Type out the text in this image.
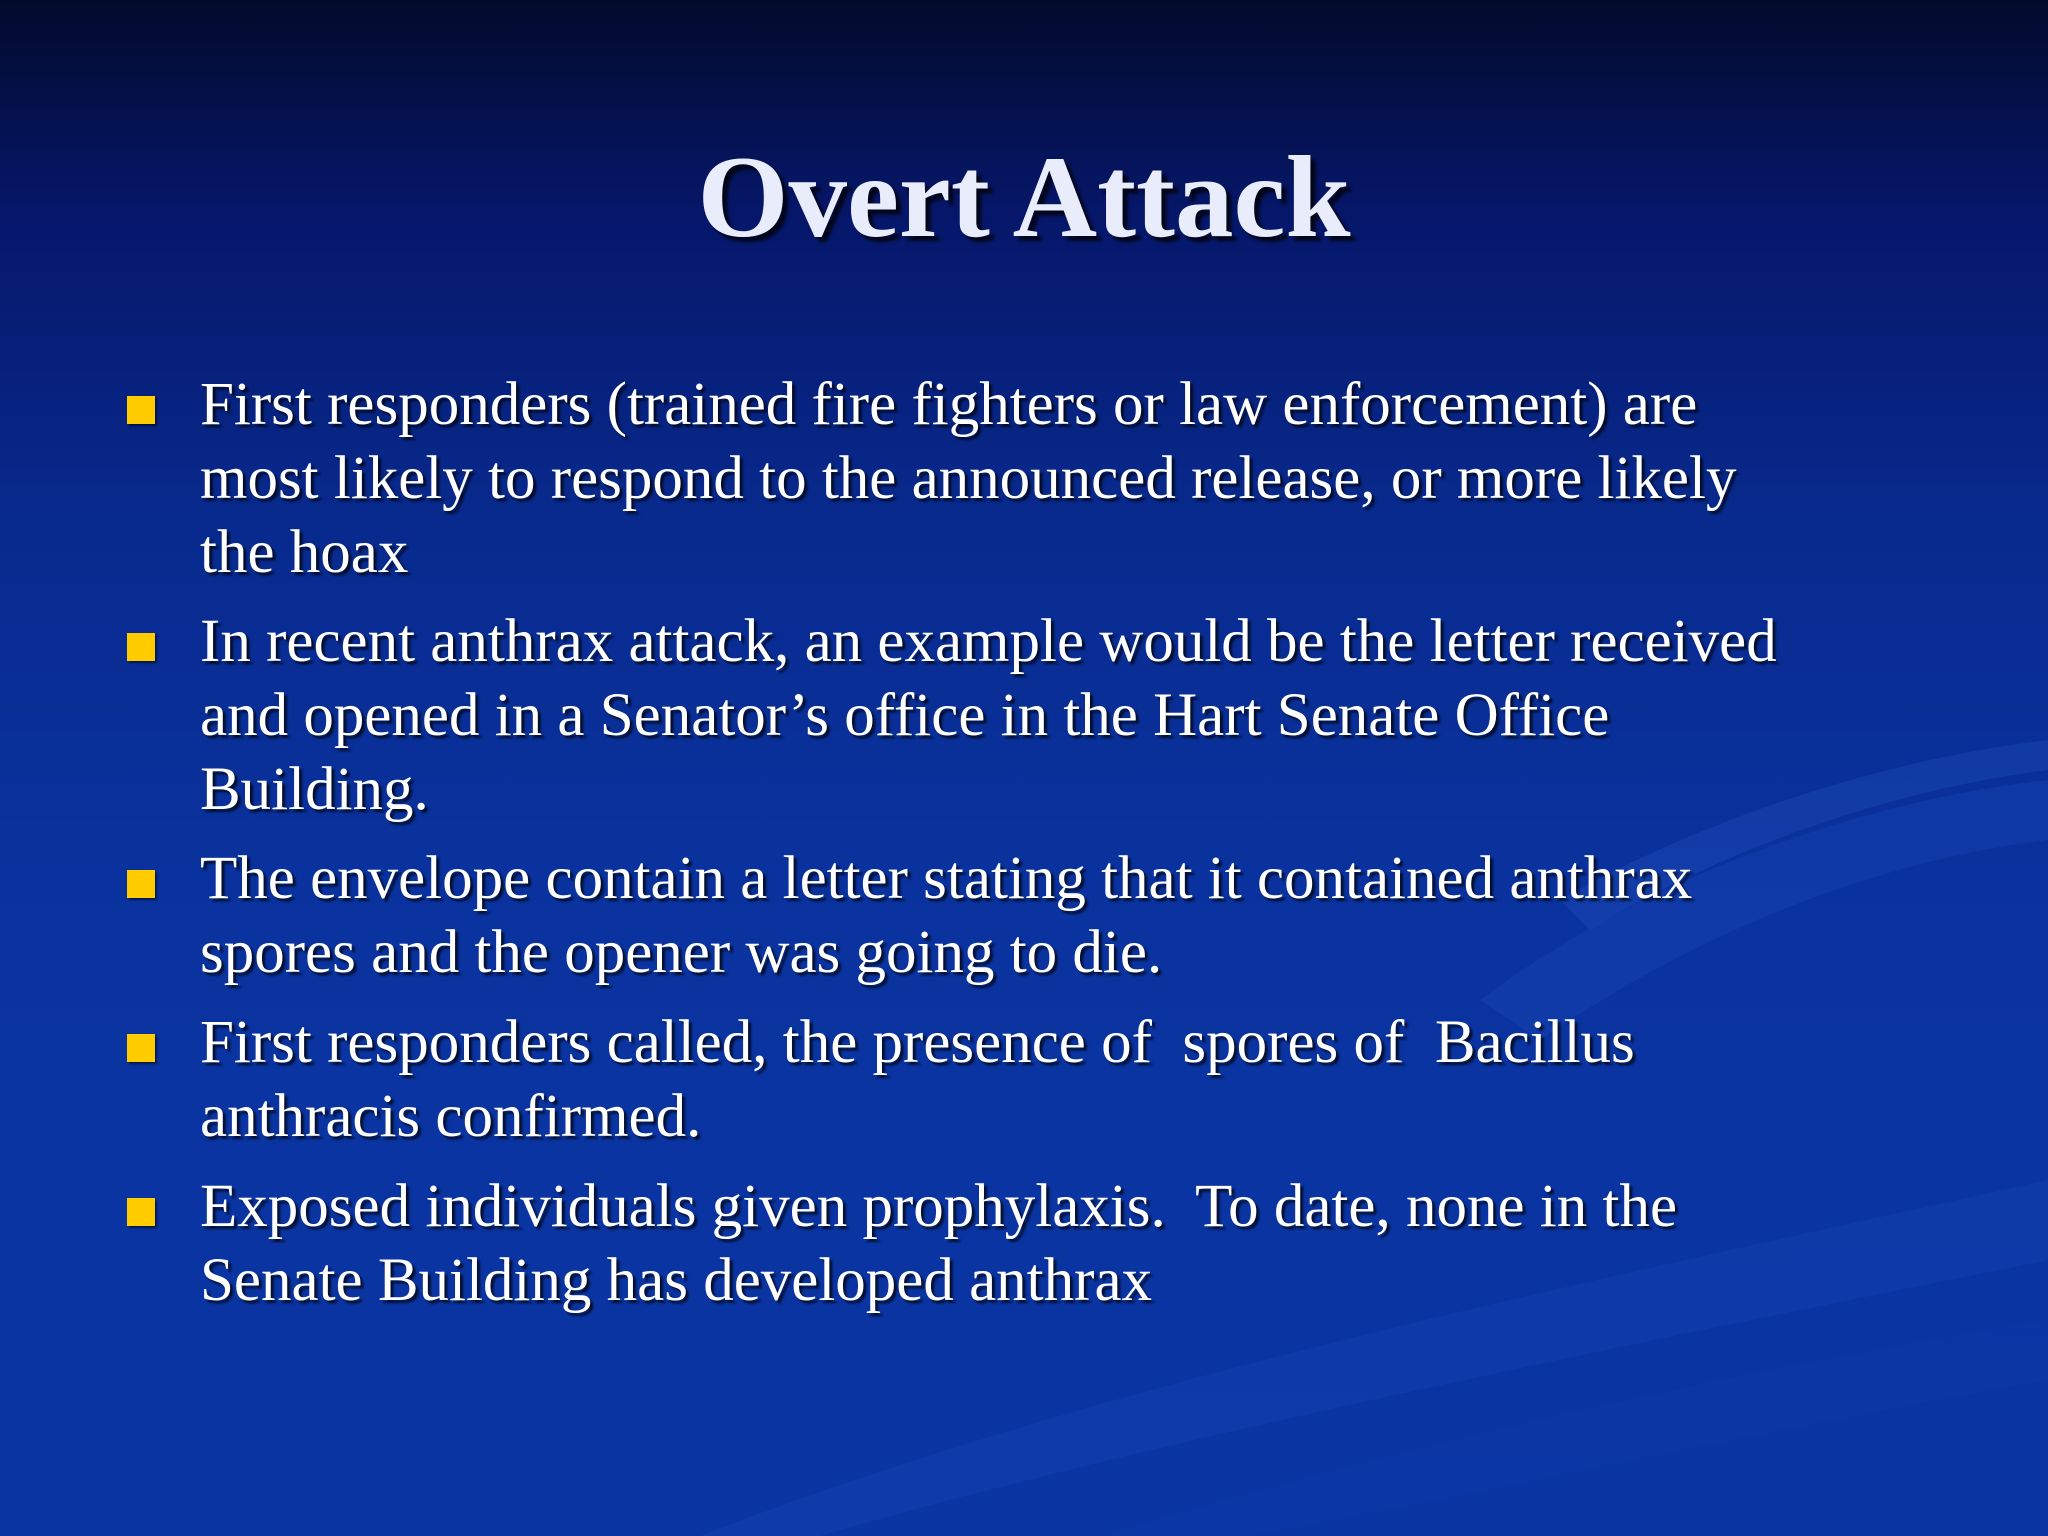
Overt Attack
First responders (trained fire fighters or law enforcement) are
most likely to respond to the announced release, or more likely
the hoax
In recent anthrax attack, an example would be the letter received
and opened in a Senator’s office in the Hart Senate Office
Building.
The envelope contain a letter stating that it contained anthrax
spores and the opener was going to die.
First responders called, the presence of  spores of  Bacillus
anthracis confirmed.
Exposed individuals given prophylaxis.  To date, none in the
Senate Building has developed anthrax
